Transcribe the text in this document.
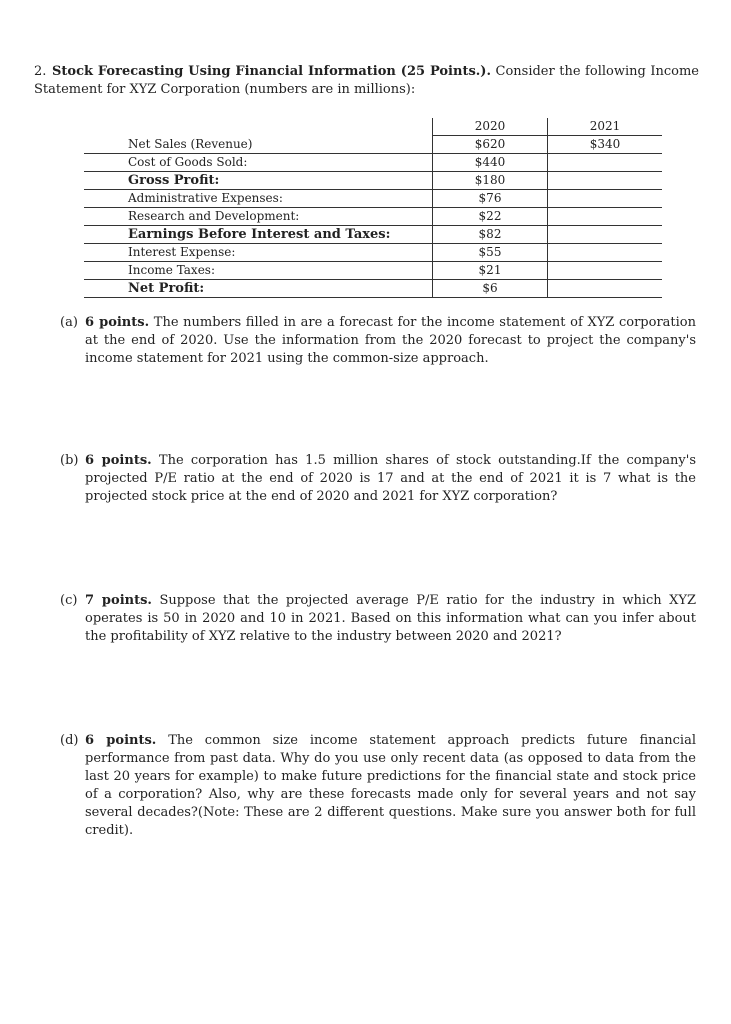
2. Stock Forecasting Using Financial Information (25 Points.). Consider the following Income Statement for XYZ Corporation (numbers are in millions):
	2020	2021
Net Sales (Revenue)	$620	$340
Cost of Goods Sold:	$440	
Gross Profit:	$180	
Administrative Expenses:	$76	
Research and Development:	$22	
Earnings Before Interest and Taxes:	$82	
Interest Expense:	$55	
Income Taxes:	$21	
Net Profit:	$6	
(a) 6 points. The numbers filled in are a forecast for the income statement of XYZ corporation at the end of 2020. Use the information from the 2020 forecast to project the company's income statement for 2021 using the common-size approach.
(b) 6 points. The corporation has 1.5 million shares of stock outstanding.If the company's projected P/E ratio at the end of 2020 is 17 and at the end of 2021 it is 7 what is the projected stock price at the end of 2020 and 2021 for XYZ corporation?
(c) 7 points. Suppose that the projected average P/E ratio for the industry in which XYZ operates is 50 in 2020 and 10 in 2021. Based on this information what can you infer about the profitability of XYZ relative to the industry between 2020 and 2021?
(d) 6 points. The common size income statement approach predicts future financial performance from past data. Why do you use only recent data (as opposed to data from the last 20 years for example) to make future predictions for the financial state and stock price of a corporation? Also, why are these forecasts made only for several years and not say several decades?(Note: These are 2 different questions. Make sure you answer both for full credit).
